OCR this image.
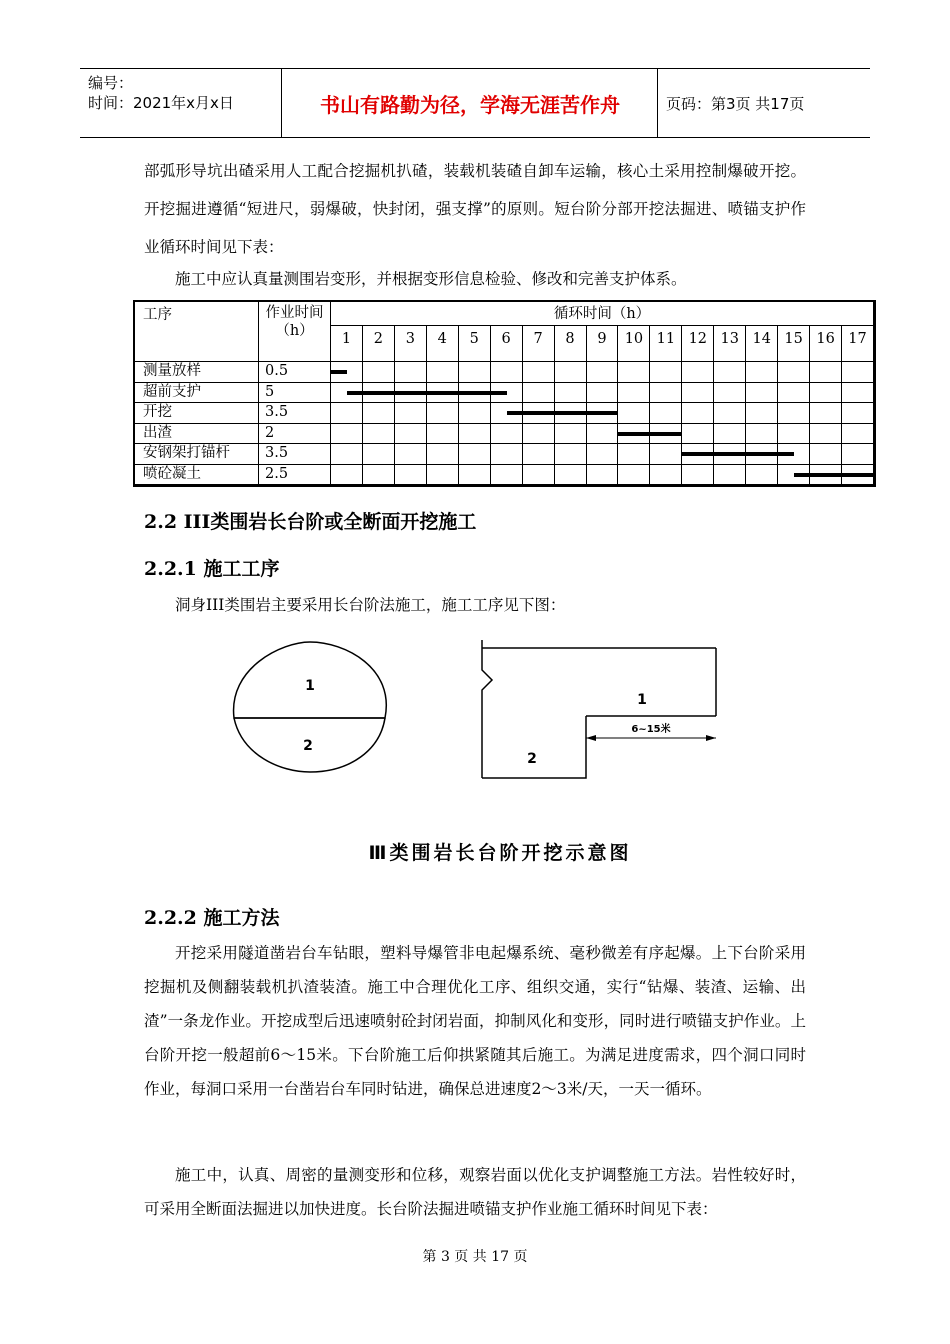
编号：
时间：2021年x月x日	书山有路勤为径，学海无涯苦作舟	页码：第3页 共17页

部弧形导坑出碴采用人工配合挖掘机扒碴，装载机装碴自卸车运输，核心土采用控制爆破开挖。开挖掘进遵循“短进尺，弱爆破，快封闭，强支撑”的原则。短台阶分部开挖法掘进、喷锚支护作业循环时间见下表：

施工中应认真量测围岩变形，并根据变形信息检验、修改和完善支护体系。

工序	作业时间（h）
循环时间（h）
1	2	3	4	5	6	7	8	9	10 11 12 13 14 15 16 17
测量放样	0.5
超前支护	5
开挖	3.5
出渣	2
安钢架打锚杆	3.5
喷砼凝土	2.5
2.2 III类围岩长台阶或全断面开挖施工
2.2.1 施工工序

洞身III类围岩主要采用长台阶法施工，施工工序见下图：

1
2
1
6~15米
2
Ⅲ类围岩长台阶开挖示意图
2.2.2 施工方法

开挖采用隧道凿岩台车钻眼，塑料导爆管非电起爆系统、毫秒微差有序起爆。上下台阶采用挖掘机及侧翻装载机扒渣装渣。施工中合理优化工序、组织交通，实行“钻爆、装渣、运输、出渣”一条龙作业。开挖成型后迅速喷射砼封闭岩面，抑制风化和变形，同时进行喷锚支护作业。上台阶开挖一般超前6～15米。下台阶施工后仰拱紧随其后施工。为满足进度需求，四个洞口同时作业，每洞口采用一台凿岩台车同时钻进，确保总进速度2～3米/天，一天一循环。

施工中，认真、周密的量测变形和位移，观察岩面以优化支护调整施工方法。岩性较好时，可采用全断面法掘进以加快进度。长台阶法掘进喷锚支护作业施工循环时间见下表：

第 3 页 共 17 页
